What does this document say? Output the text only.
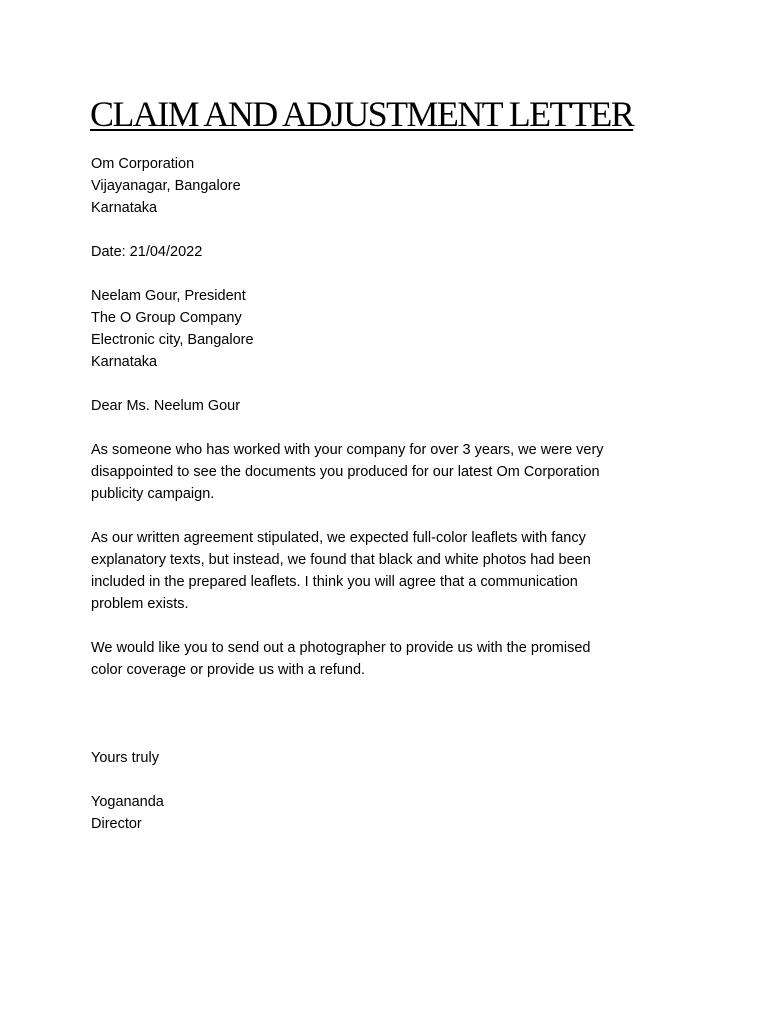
CLAIM AND ADJUSTMENT LETTER
Om Corporation
Vijayanagar, Bangalore
Karnataka
Date: 21/04/2022
Neelam Gour, President
The O Group Company
Electronic city, Bangalore
Karnataka
Dear Ms. Neelum Gour
As someone who has worked with your company for over 3 years, we were very
disappointed to see the documents you produced for our latest Om Corporation
publicity campaign.
As our written agreement stipulated, we expected full-color leaflets with fancy
explanatory texts, but instead, we found that black and white photos had been
included in the prepared leaflets. I think you will agree that a communication
problem exists.
We would like you to send out a photographer to provide us with the promised
color coverage or provide us with a refund.
Yours truly
Yogananda
Director
